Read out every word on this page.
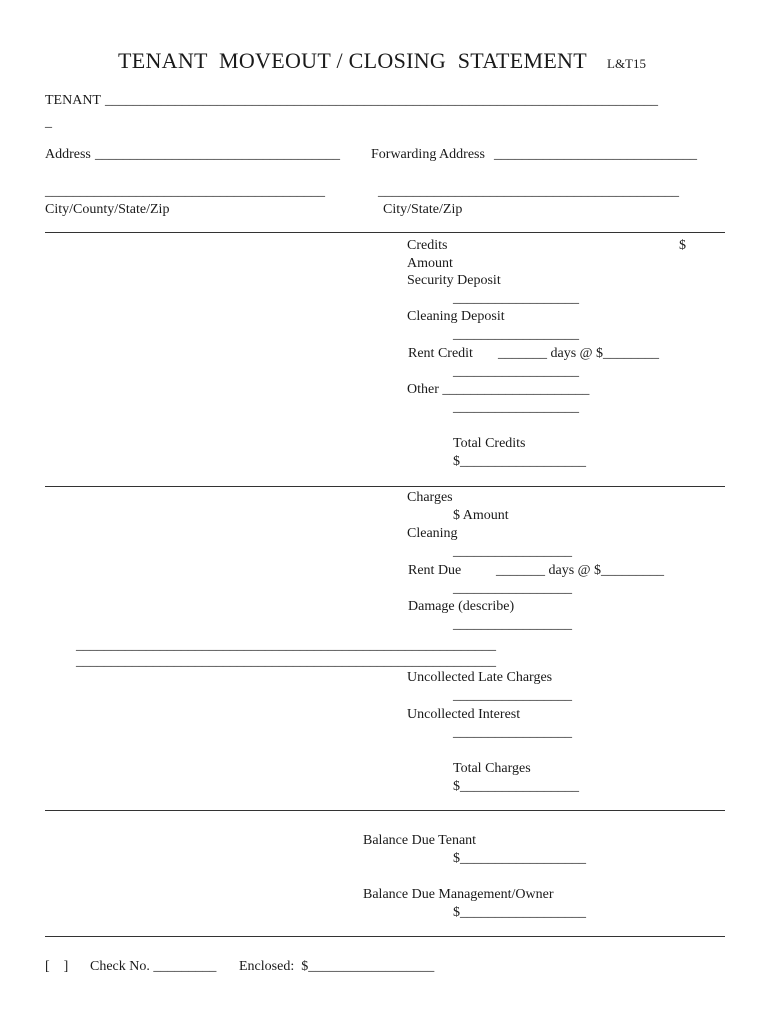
TENANT  MOVEOUT / CLOSING  STATEMENT L&T15
TENANT _______________________________________________________________________________
_
Address ___________________________________ Forwarding Address _____________________________
________________________________________	___________________________________________
City/County/State/Zip	City/State/Zip
Credits	$
Amount
Security Deposit
__________________
Cleaning Deposit
__________________
Rent Credit _______ days @ $________
__________________
Other _____________________
__________________
Total Credits
$__________________
Charges
$ Amount
Cleaning
_________________
Rent Due _______ days @ $_________
_________________
Damage (describe)
_________________
____________________________________________________________
____________________________________________________________
Uncollected Late Charges
_________________
Uncollected Interest
_________________
Total Charges
$_________________
Balance Due Tenant
$__________________
Balance Due Management/Owner
$__________________
[    ] Check No. _________ Enclosed:  $__________________
